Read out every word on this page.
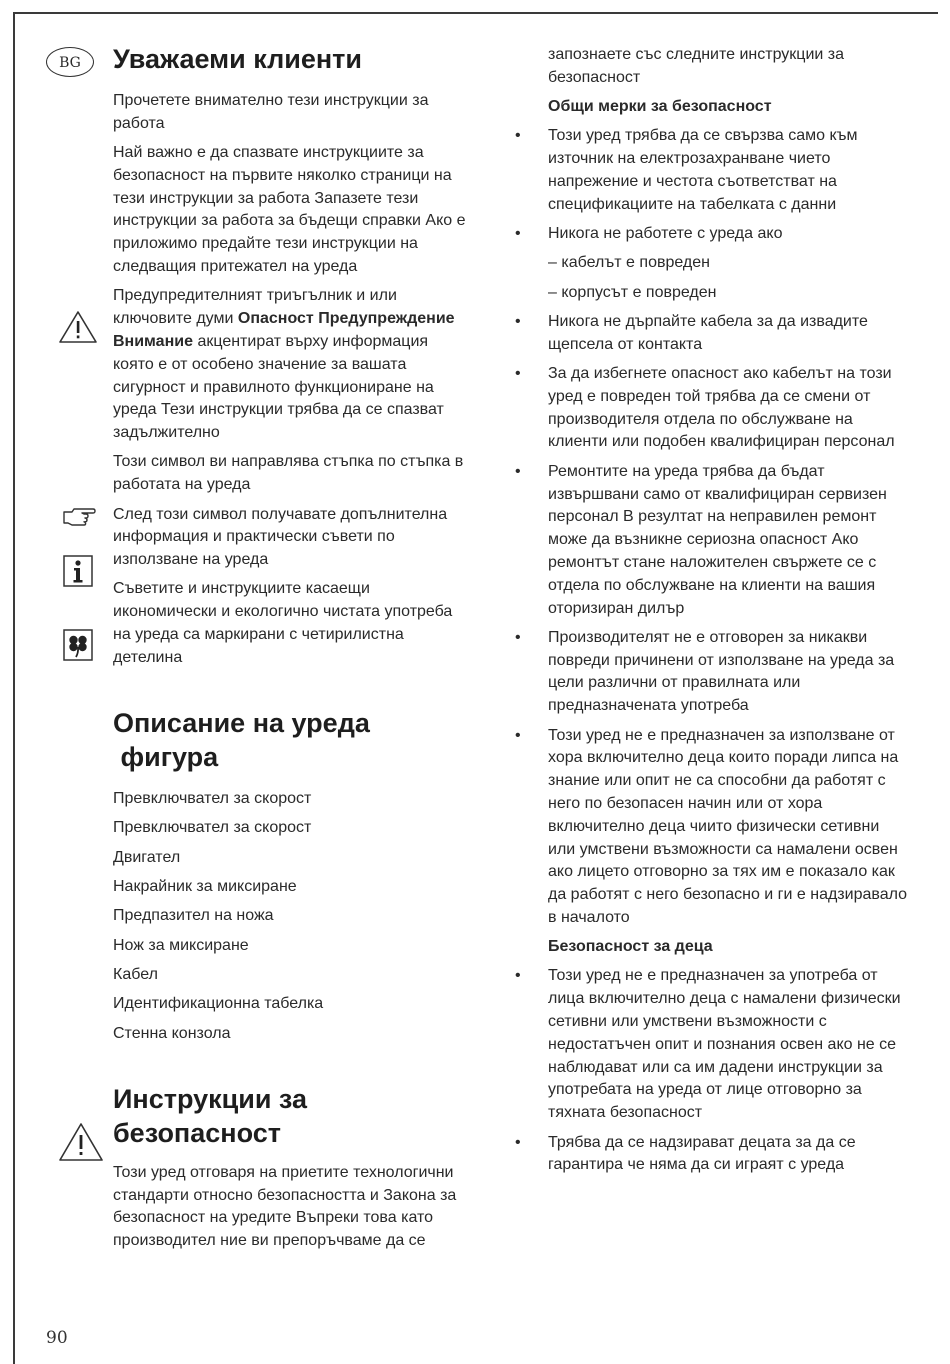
BG	Уважаеми клиенти

Прочетете внимателно тези инструкции за работа

Най важно е да спазвате инструкциите за безопасност на първите няколко страници на тези инструкции за работа Запазете тези инструкции за работа за бъдещи справки Ако е приложимо предайте тези инструкции на следващия притежател на уреда

Предупредителният триъгълник и или ключовите думи Опасност Предупреждение Внимание акцентират върху информация която е от особено значение за вашата сигурност и правилното функциониране на уреда Тези инструкции трябва да се спазват задължително

Този символ ви направлява стъпка по стъпка в работата на уреда

След този символ получавате допълнителна информация и практически съвети по използване на уреда

Съветите и инструкциите касаещи икономически и екологично чистата употреба на уреда са маркирани с четирилистна детелина

Описание на уреда
фигура
Превключвател за скорост
Превключвател за скорост
Двигател
Накрайник за миксиране
Предпазител на ножа
Нож за миксиране
Кабел
Идентификационна табелка
Стенна конзола
Инструкции за
безопасност

Този уред отговаря на приетите технологични стандарти относно безопасността и Закона за безопасност на уредите Въпреки това като производител ние ви препоръчваме да се

запознаете със следните инструкции за безопасност
Общи мерки за безопасност
• Този уред трябва да се свързва само към източник на електрозахранване чието напрежение и честота съответстват на спецификациите на табелката с данни
• Никога не работете с уреда ако
– кабелът е повреден
– корпусът е повреден
• Никога не дърпайте кабела за да извадите щепсела от контакта
• За да избегнете опасност ако кабелът на този уред е повреден той трябва да се смени от производителя отдела по обслужване на клиенти или подобен квалифициран персонал
• Ремонтите на уреда трябва да бъдат извършвани само от квалифициран сервизен персонал В резултат на неправилен ремонт може да възникне сериозна опасност Ако ремонтът стане наложителен свържете се с отдела по обслужване на клиенти на вашия оторизиран дилър
• Производителят не е отговорен за никакви повреди причинени от използване на уреда за цели различни от правилната или предназначената употреба
• Този уред не е предназначен за използване от хора включително деца които поради липса на знание или опит не са способни да работят с него по безопасен начин или от хора включително деца чиито физически сетивни или умствени възможности са намалени освен ако лицето отговорно за тях им е показало как да работят с него безопасно и ги е надзиравало в началото
Безопасност за деца
• Този уред не е предназначен за употреба от лица включително деца с намалени физически сетивни или умствени възможности с недостатъчен опит и познания освен ако не се наблюдават или са им дадени инструкции за употребата на уреда от лице отговорно за тяхната безопасност
• Трябва да се надзирават децата за да се гарантира че няма да си играят с уреда
90
